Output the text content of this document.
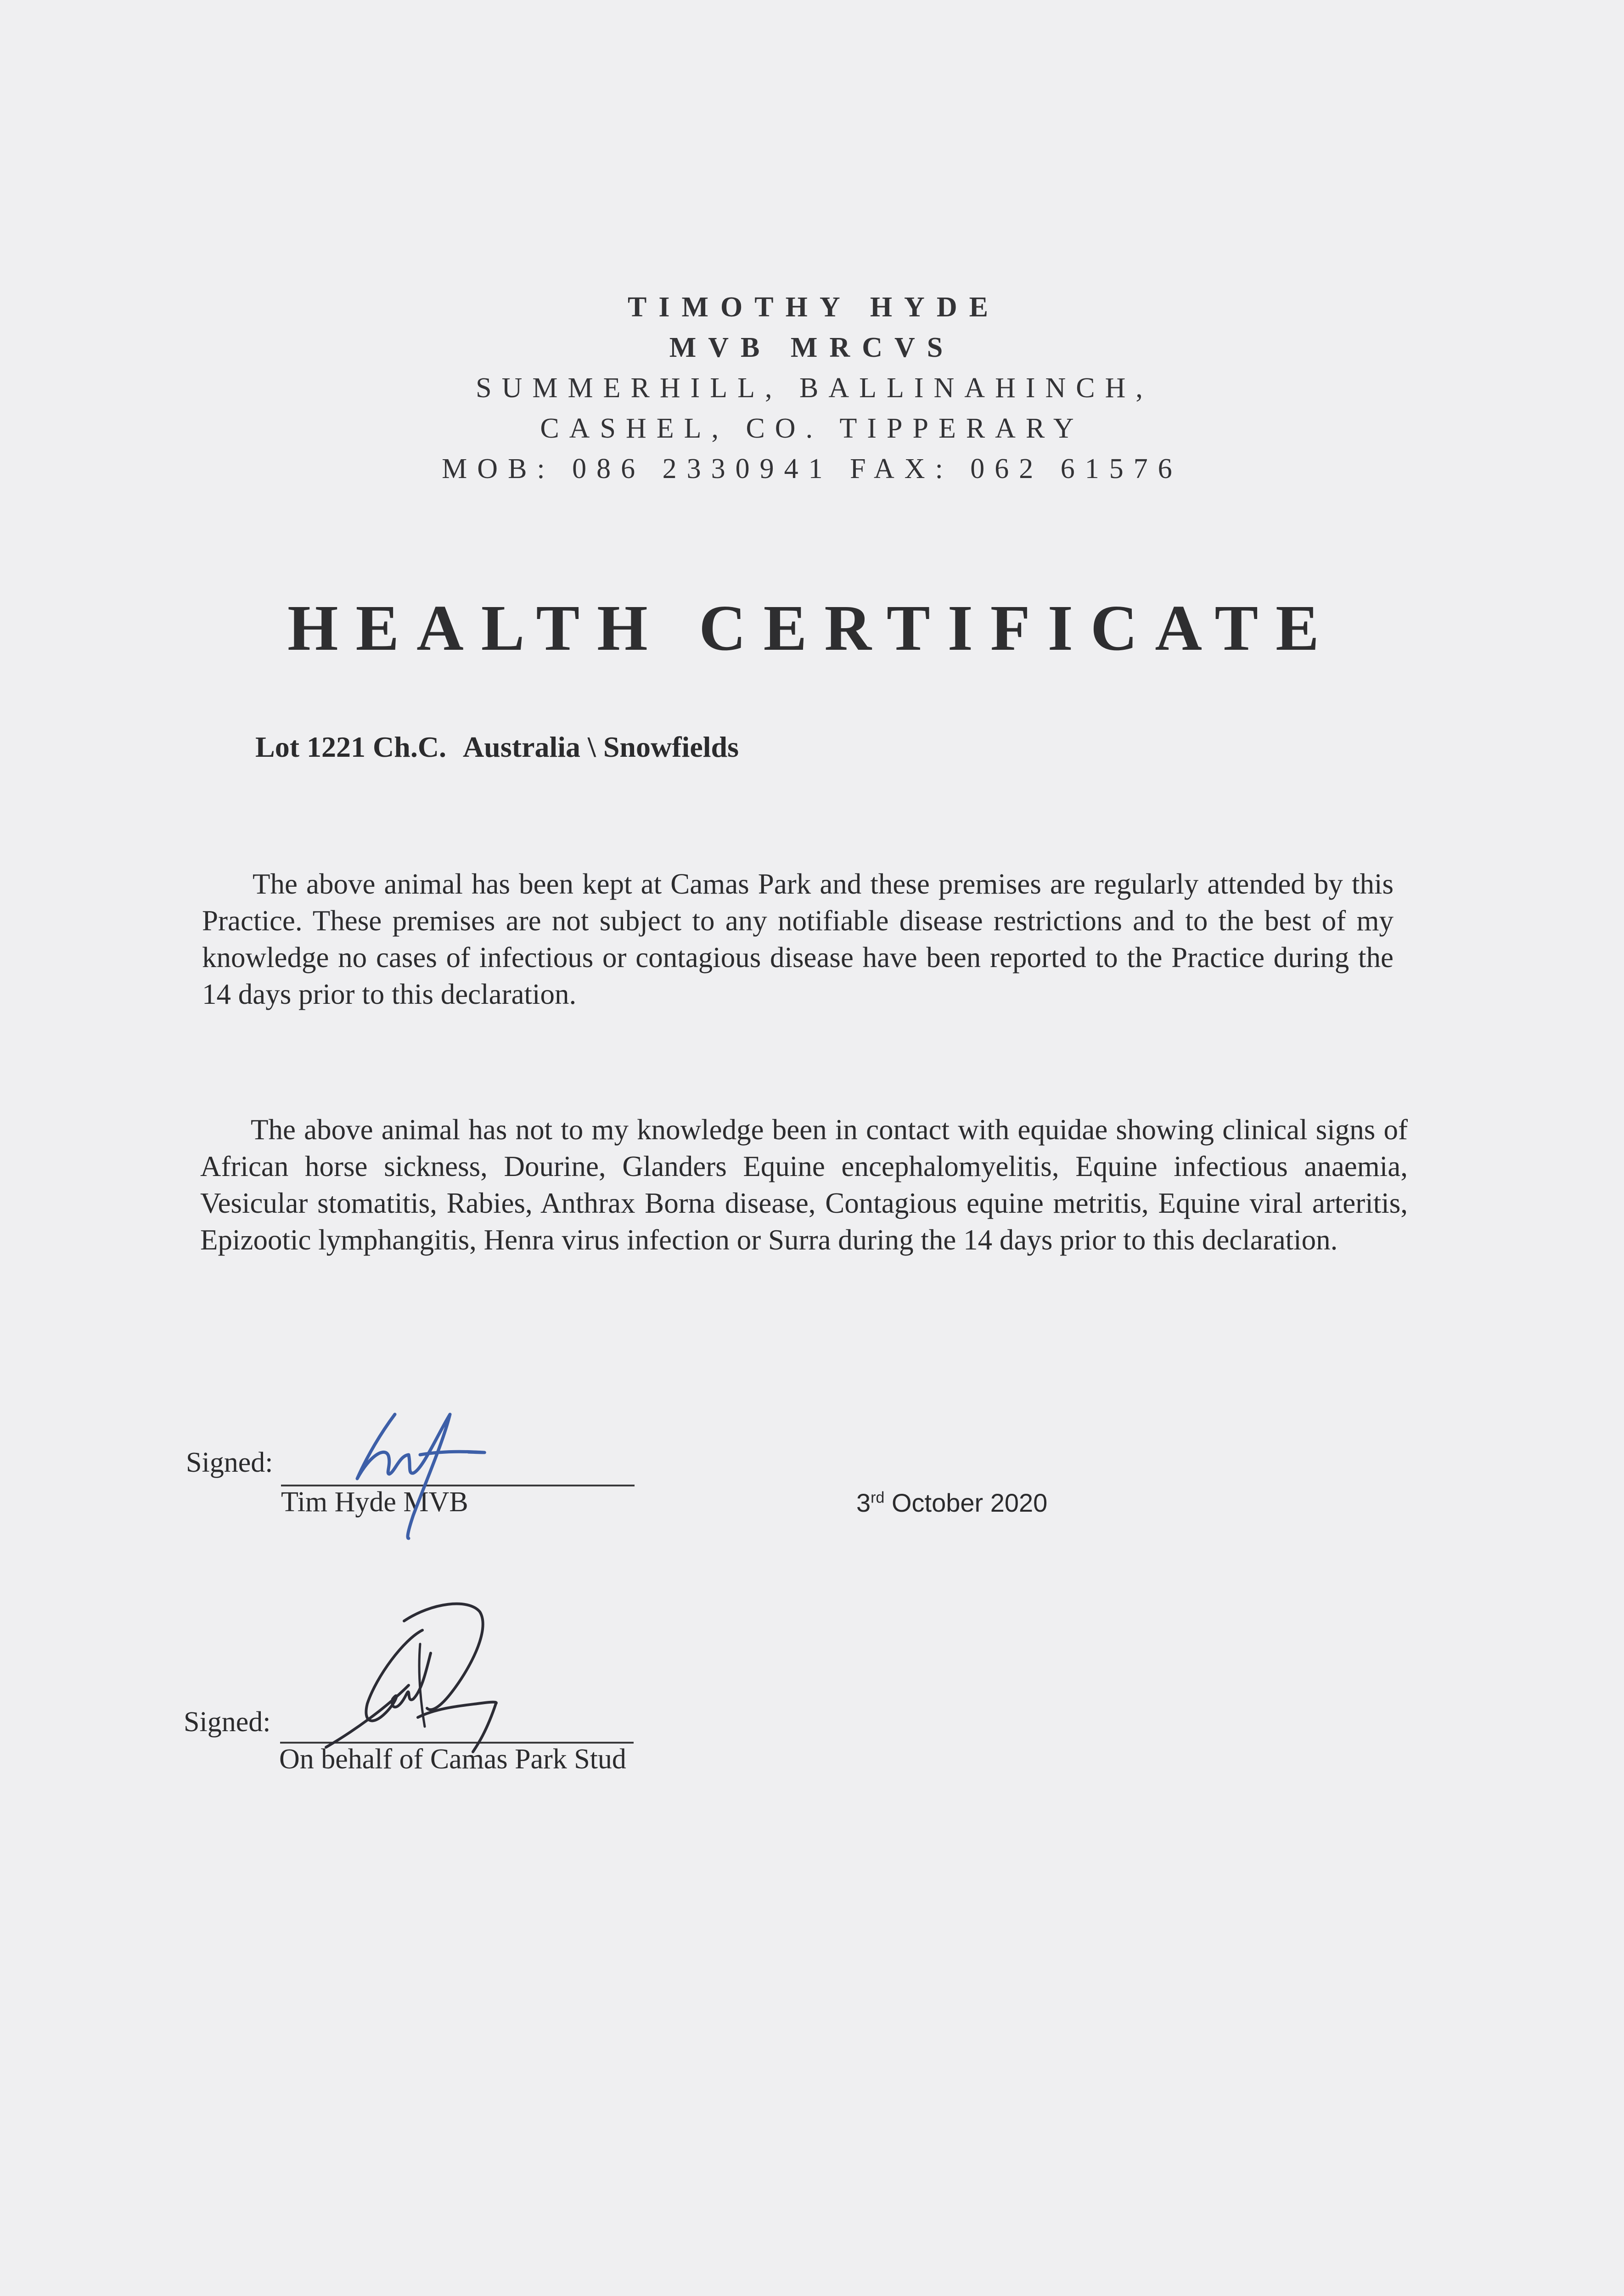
TIMOTHY HYDE
MVB MRCVS
SUMMERHILL, BALLINAHINCH,
CASHEL, CO. TIPPERARY
MOB: 086 2330941 FAX: 062 61576
HEALTH CERTIFICATE
Lot 1221 Ch.C. Australia \ Snowfields

The above animal has been kept at Camas Park and these premises are regularly attended by this Practice. These premises are not subject to any notifiable disease restrictions and to the best of my knowledge no cases of infectious or contagious disease have been reported to the Practice during the 14 days prior to this declaration.

The above animal has not to my knowledge been in contact with equidae showing clinical signs of African horse sickness, Dourine, Glanders Equine encephalomyelitis, Equine infectious anaemia, Vesicular stomatitis, Rabies, Anthrax Borna disease, Contagious equine metritis, Equine viral arteritis, Epizootic lymphangitis, Henra virus infection or Surra during the 14 days prior to this declaration.

Signed:
Tim Hyde MVB	3rd October 2020
Signed:
On behalf of Camas Park Stud
